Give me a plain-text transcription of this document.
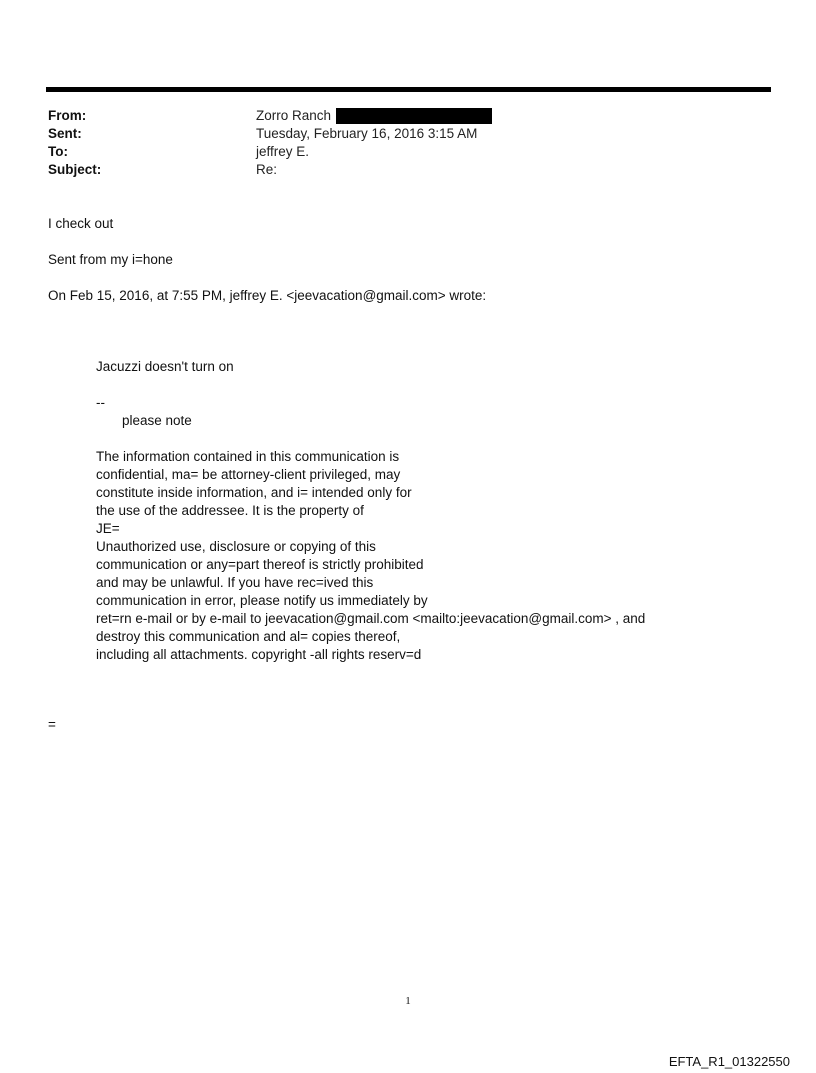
From:	Zorro Ranch
Sent:	Tuesday, February 16, 2016 3:15 AM
To:	jeffrey E.
Subject:	Re:
I check out
Sent from my i=hone
On Feb 15, 2016, at 7:55 PM, jeffrey E. <jeevacation@gmail.com> wrote:
Jacuzzi doesn't turn on
--
please note
The information contained in this communication is
confidential, ma= be attorney-client privileged, may
constitute inside information, and i= intended only for
the use of the addressee. It is the property of
JE=
Unauthorized use, disclosure or copying of this
communication or any=part thereof is strictly prohibited
and may be unlawful. If you have rec=ived this
communication in error, please notify us immediately by
ret=rn e-mail or by e-mail to jeevacation@gmail.com <mailto:jeevacation@gmail.com> , and
destroy this communication and al= copies thereof,
including all attachments. copyright -all rights reserv=d
=
1
EFTA_R1_01322550
